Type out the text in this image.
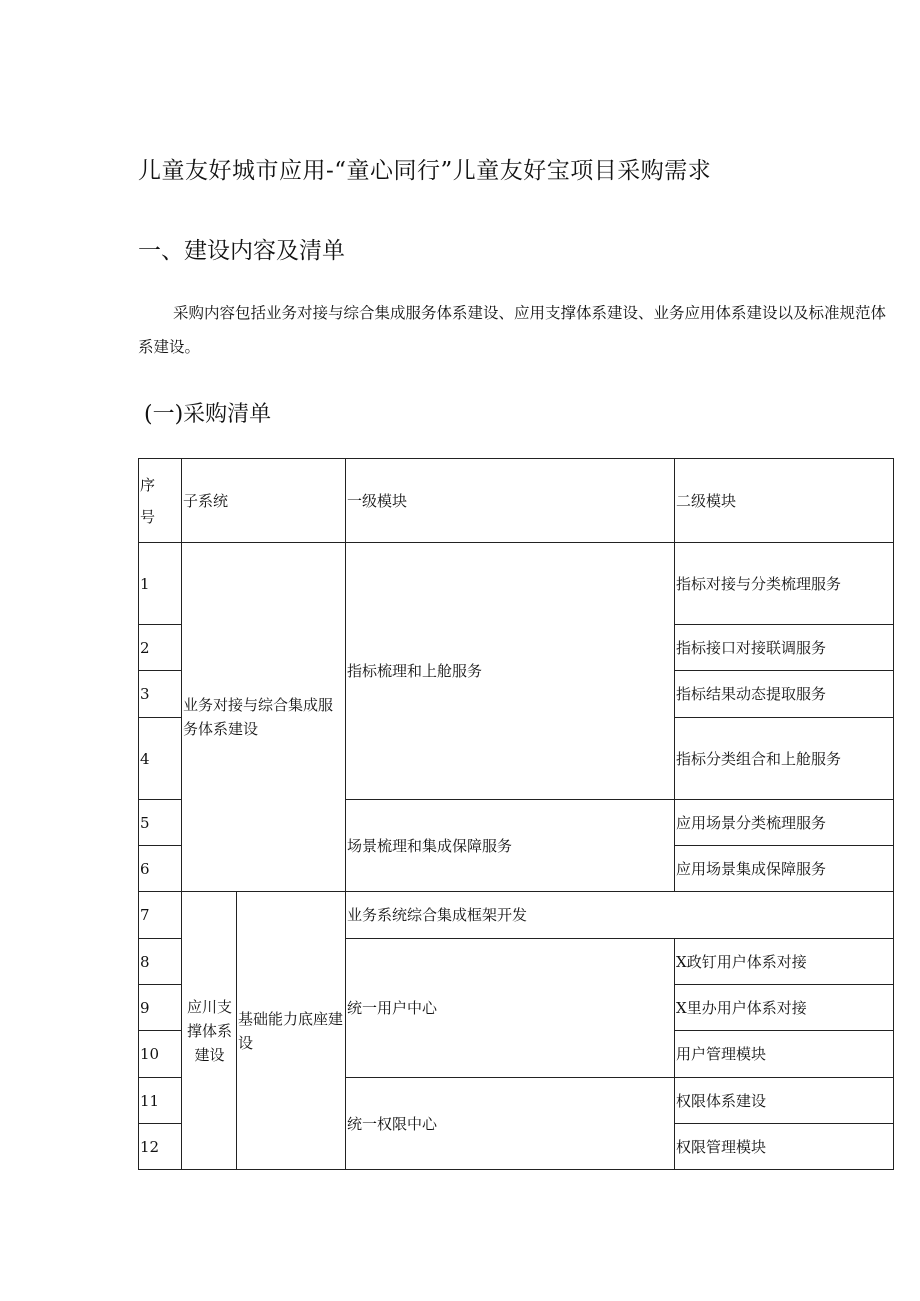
儿童友好城市应用-“童心同行”儿童友好宝项目采购需求
一、建设内容及清单

采购内容包括业务对接与综合集成服务体系建设、应用支撑体系建设、业务应用体系建设以及标准规范体系建设。

(一)采购清单
序
号	子系统		一级模块	二级模块
1	业务对接与综合集成服务体系建设		指标梳理和上舱服务	指标对接与分类梳理服务
2				指标接口对接联调服务
3				指标结果动态提取服务
4				指标分类组合和上舱服务
5			场景梳理和集成保障服务	应用场景分类梳理服务
6				应用场景集成保障服务
7	应川支
撑体系
建设	基础能力底座建设	业务系统综合集成框架开发	
8			统一用户中心	X政钉用户体系对接
9				X里办用户体系对接
10				用户管理模块
11			统一权限中心	权限体系建设
12				权限管理模块
